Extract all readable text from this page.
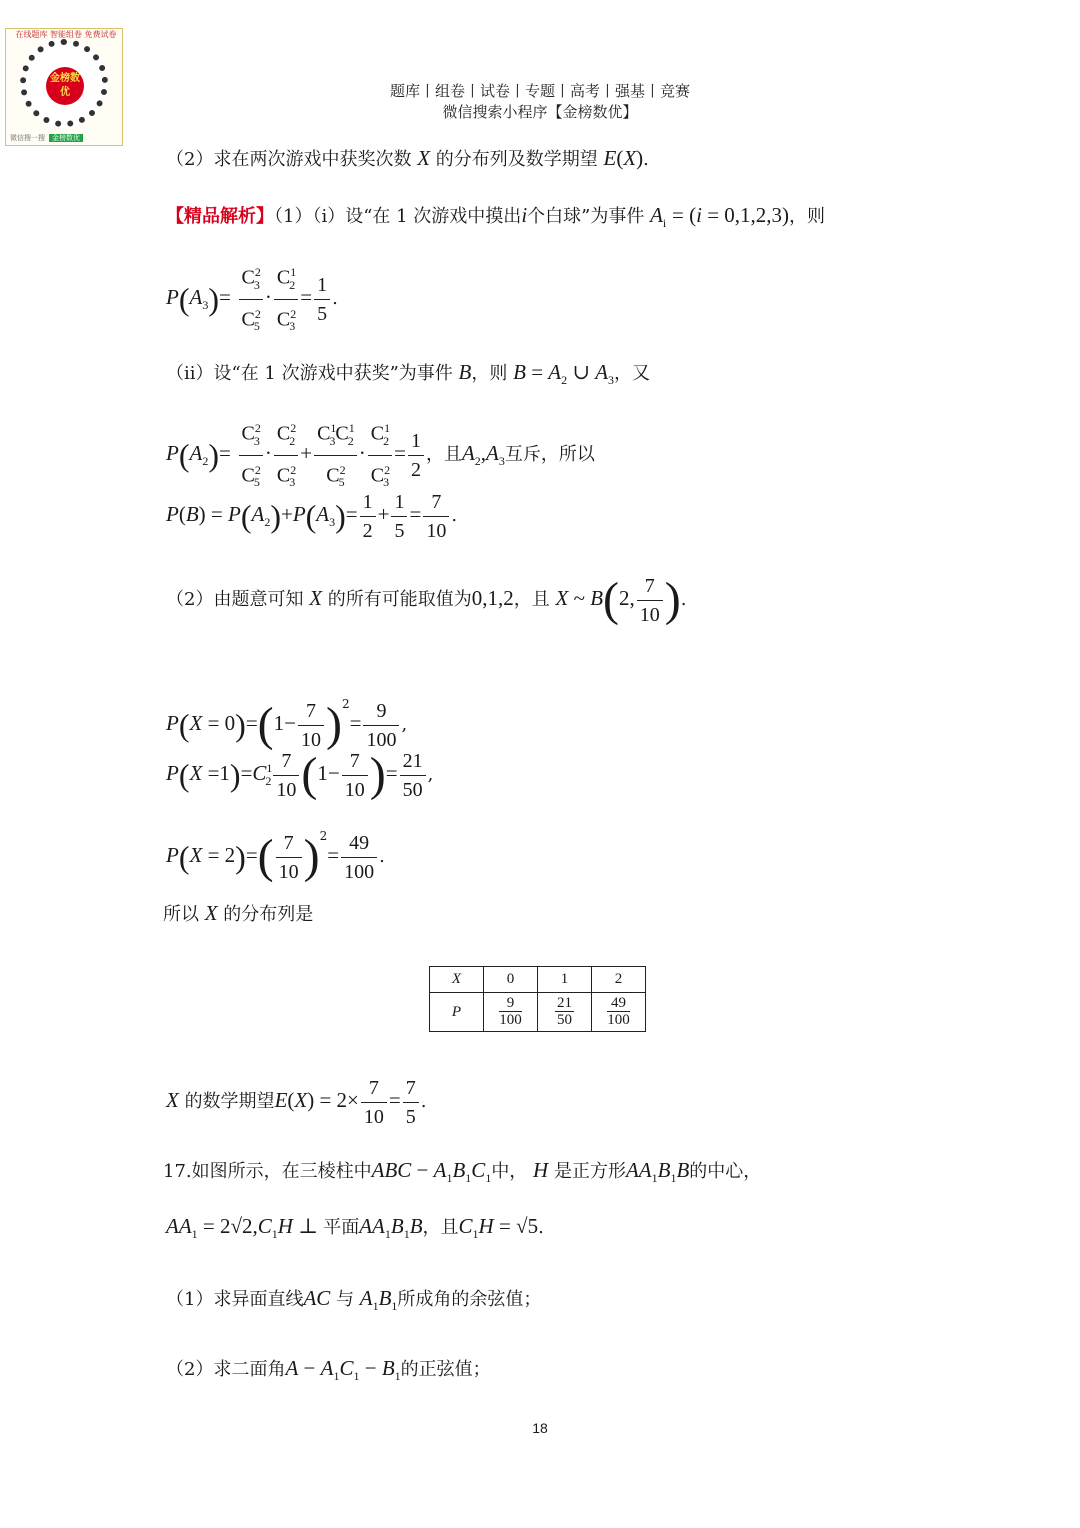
在线题库 智能组卷 免费试卷
金榜数优
微信搜一搜 金榜数优
题库丨组卷丨试卷丨专题丨高考丨强基丨竞赛
微信搜索小程序【金榜数优】
（2）求在两次游戏中获奖次数 X 的分布列及数学期望 E(X).
【精品解析】（1）（i）设“在 1 次游戏中摸出i个白球”为事件 $A_i = (i = 0,1,2,3)$，则
$P(A_3)= \frac{C^2_3}{C^2_5} \cdot \frac{C^1_2}{C^2_3} = \frac{1}{5}$ .
（ii）设“在 1 次游戏中获奖”为事件 B，则 $B = A_2$ ∪ $A_3$，又
$P(A_2)= \frac{C^2_3}{C^2_5} \cdot \frac{C^2_2}{C^2_3} + \frac{C^1_3C^1_2}{C^2_5} \cdot \frac{C^1_2}{C^2_3} = \frac{1}{2}$ ，且$A_2,A_3$互斥，所以
$P(B) = P(A_2)+P(A_3)= \frac{1}{2} + \frac{1}{5} = \frac{7}{10}$ .
（2）由题意可知 X 的所有可能取值为0,1,2，且 X ~ B(2, $\frac{7}{10}$ ).
$P(X = 0)=(1- \frac{7}{10} )^2= \frac{9}{100}$ ,
$P(X =1)=C^1_2 \frac{7}{10} (1- \frac{7}{10}$ )= $\frac{21}{50}$ ,
$P(X = 2)=( \frac{7}{10} )^2= \frac{49}{100}$ .
所以 X 的分布列是
X	0	1	2
P	$\frac{9}{100}$	$\frac{21}{50}$	$\frac{49}{100}$
X 的数学期望$E(X) = 2\times \frac{7}{10} = \frac{7}{5}$ .
17.如图所示，在三棱柱中ABC − $A_1B_1C_1$中， H 是正方形$AA_1B_1B$的中心，
$AA_1 = 2√2,C_1H$ ⊥ 平面$AA_1B_1B$，且$C_1H = √5$.
（1）求异面直线AC 与 $A_1B_1$所成角的余弦值；
（2）求二面角$A - A_1C_1 - B_1$的正弦值；
18
